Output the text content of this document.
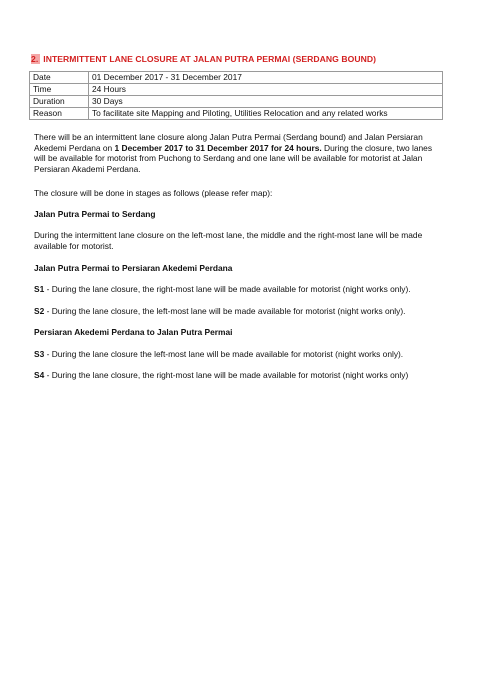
2. INTERMITTENT LANE CLOSURE AT JALAN PUTRA PERMAI (SERDANG BOUND)
Date	01 December 2017 - 31 December 2017
Time	24 Hours
Duration	30 Days
Reason	To facilitate site Mapping and Piloting, Utilities Relocation and any related works
There will be an intermittent lane closure along Jalan Putra Permai (Serdang bound) and Jalan Persiaran Akedemi Perdana on 1 December 2017 to 31 December 2017 for 24 hours. During the closure, two lanes will be available for motorist from Puchong to Serdang and one lane will be available for motorist at Jalan Persiaran Akademi Perdana.
The closure will be done in stages as follows (please refer map):
Jalan Putra Permai to Serdang
During the intermittent lane closure on the left-most lane, the middle and the right-most lane will be made available for motorist.
Jalan Putra Permai to Persiaran Akedemi Perdana
S1 - During the lane closure, the right-most lane will be made available for motorist (night works only).
S2 - During the lane closure, the left-most lane will be made available for motorist (night works only).
Persiaran Akedemi Perdana to Jalan Putra Permai
S3 - During the lane closure the left-most lane will be made available for motorist (night works only).
S4 - During the lane closure, the right-most lane will be made available for motorist (night works only)
